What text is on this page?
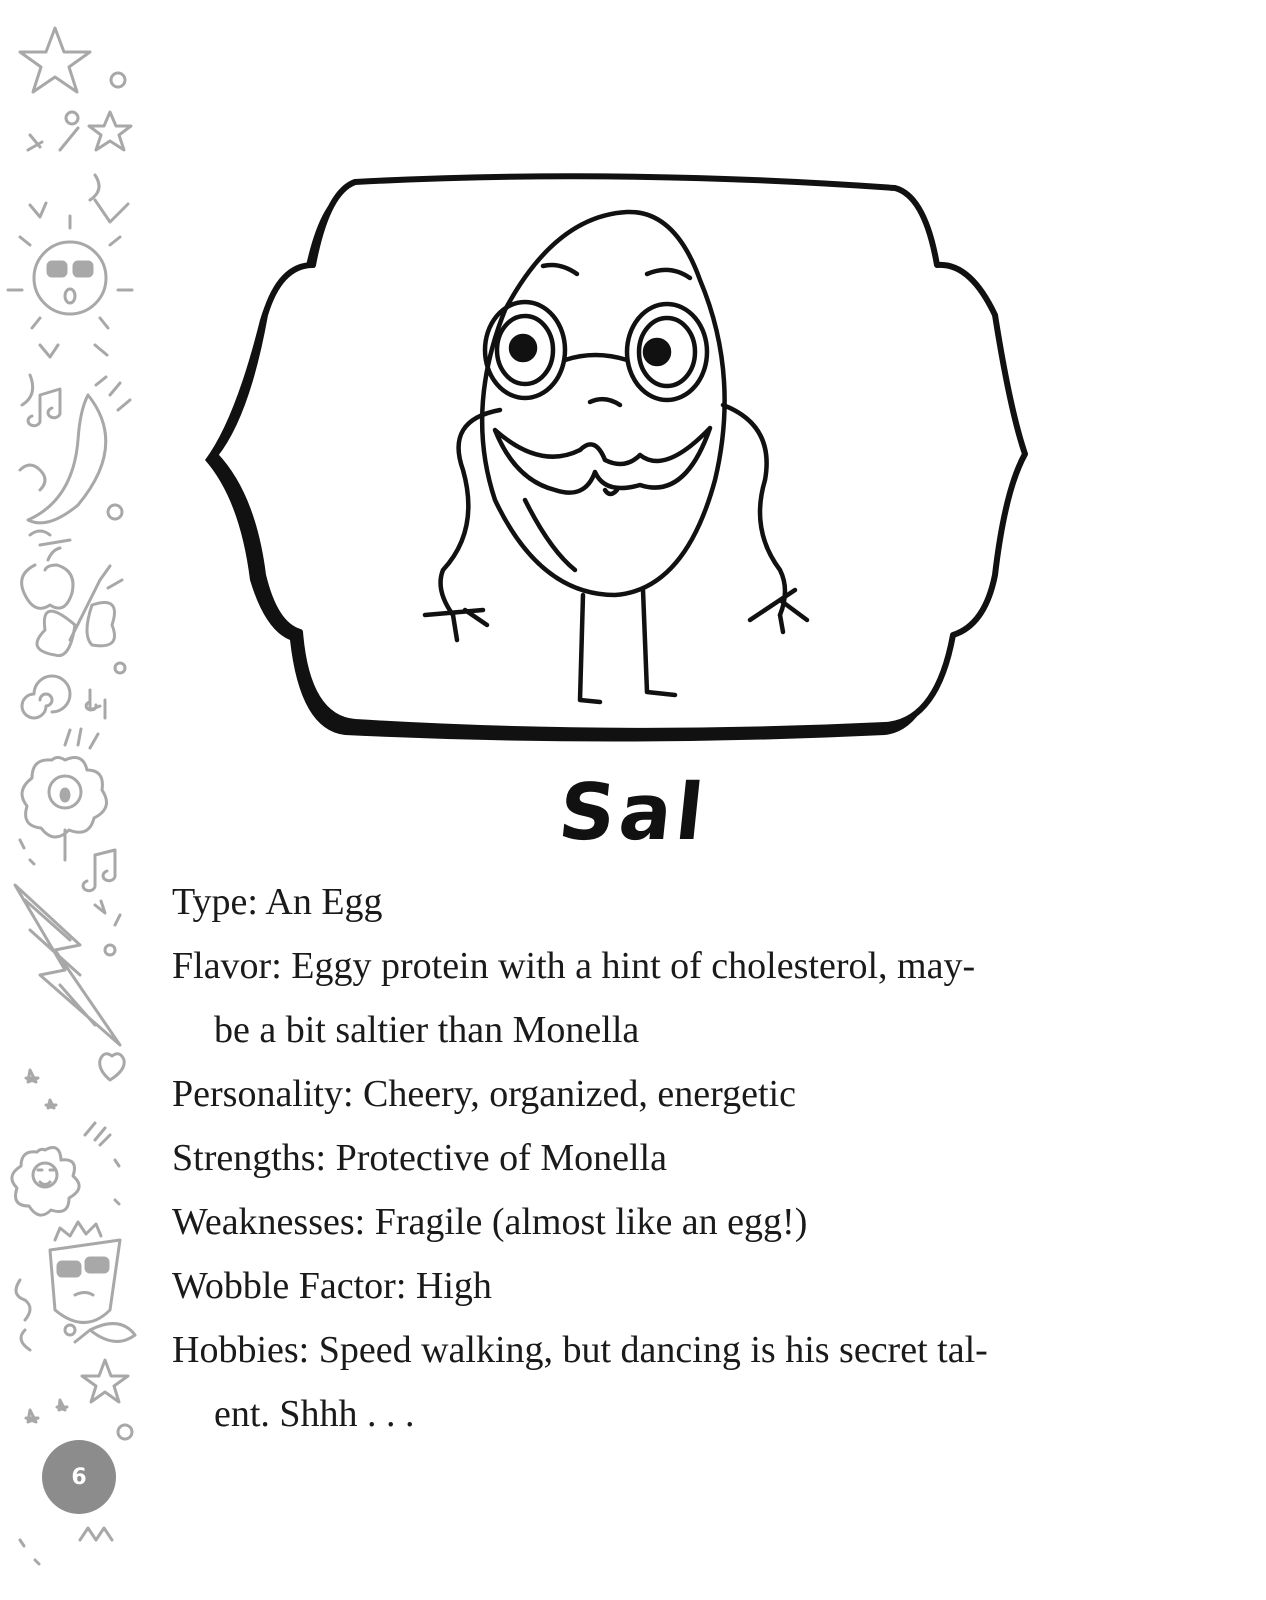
Sal

Type: An Egg

Flavor: Eggy protein with a hint of cholesterol, may-

be a bit saltier than Monella

Personality: Cheery, organized, energetic

Strengths: Protective of Monella

Weaknesses: Fragile (almost like an egg!)

Wobble Factor: High

Hobbies: Speed walking, but dancing is his secret tal-

ent. Shhh . . .

6
